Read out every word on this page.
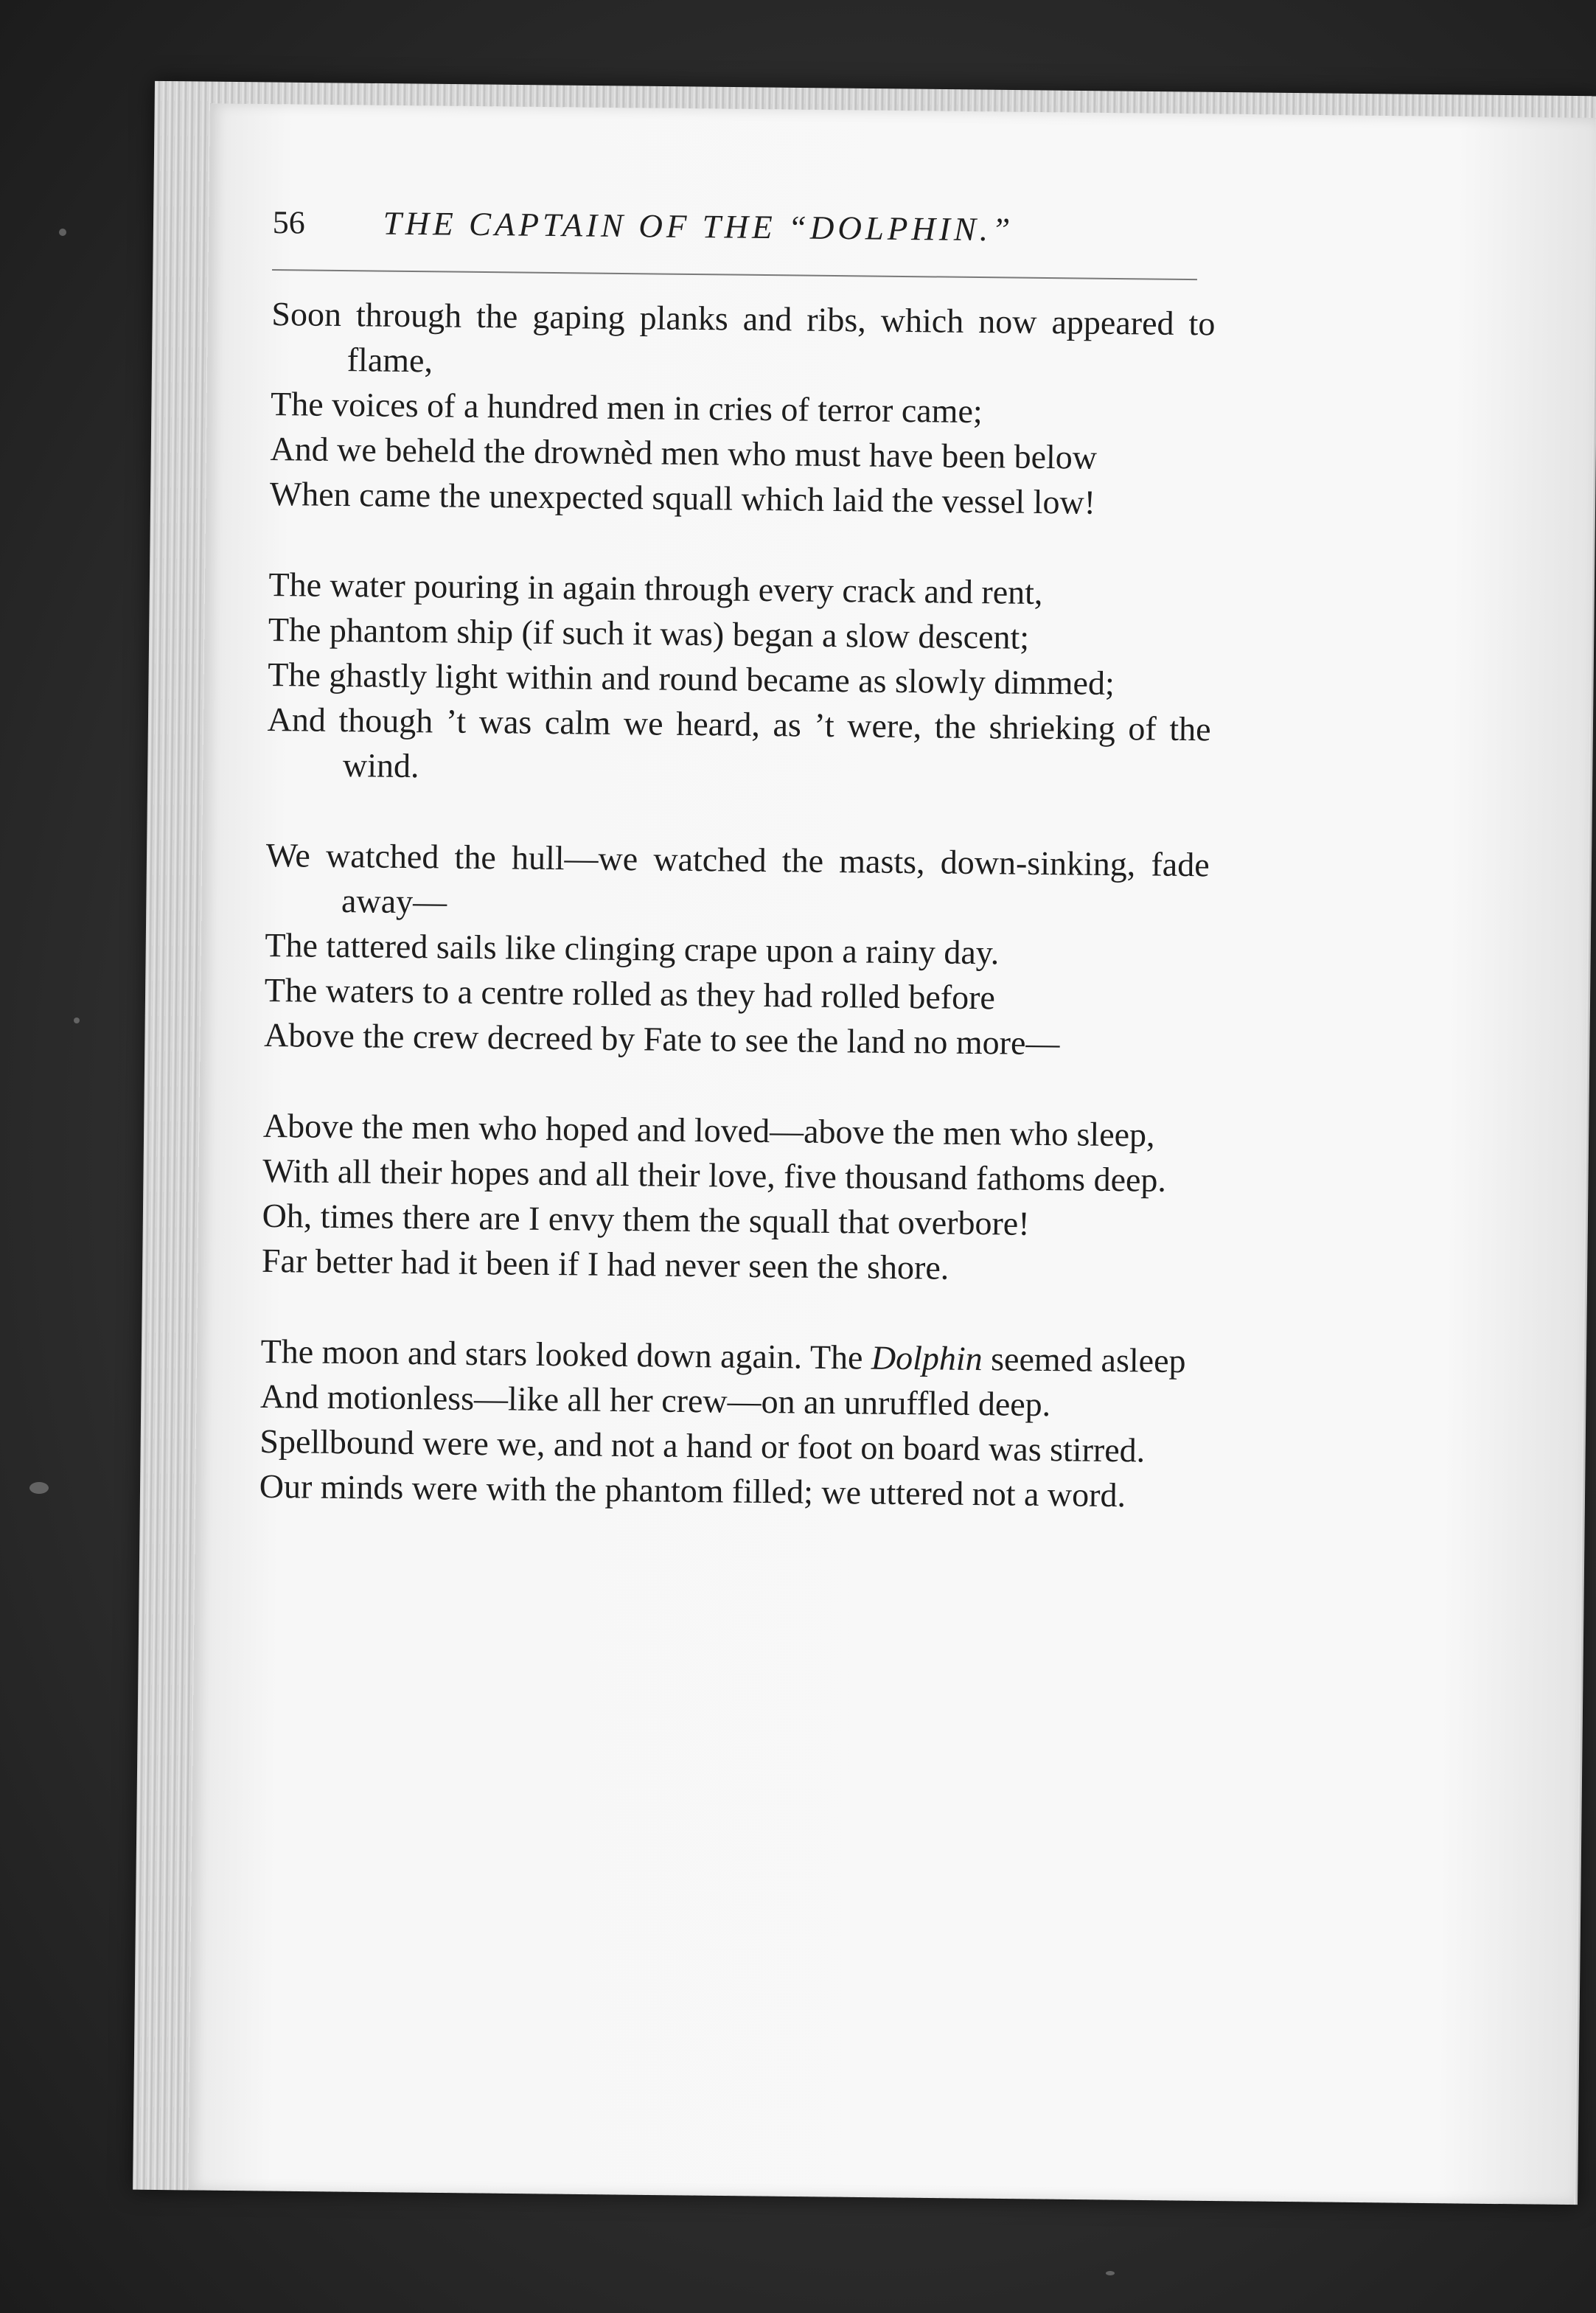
56	THE CAPTAIN OF THE “DOLPHIN.”
Soon through the gaping planks and ribs, which now appeared to flame,
The voices of a hundred men in cries of terror came;
And we beheld the drownèd men who must have been below
When came the unexpected squall which laid the vessel low!
The water pouring in again through every crack and rent,
The phantom ship (if such it was) began a slow descent;
The ghastly light within and round became as slowly dimmed;
And though ’t was calm we heard, as ’t were, the shrieking of the wind.
We watched the hull—we watched the masts, down-sinking, fade away—
The tattered sails like clinging crape upon a rainy day.
The waters to a centre rolled as they had rolled before
Above the crew decreed by Fate to see the land no more—
Above the men who hoped and loved—above the men who sleep,
With all their hopes and all their love, five thousand fathoms deep.
Oh, times there are I envy them the squall that overbore!
Far better had it been if I had never seen the shore.
The moon and stars looked down again. The Dolphin seemed asleep
And motionless—like all her crew—on an unruffled deep.
Spellbound were we, and not a hand or foot on board was stirred.
Our minds were with the phantom filled; we uttered not a word.
